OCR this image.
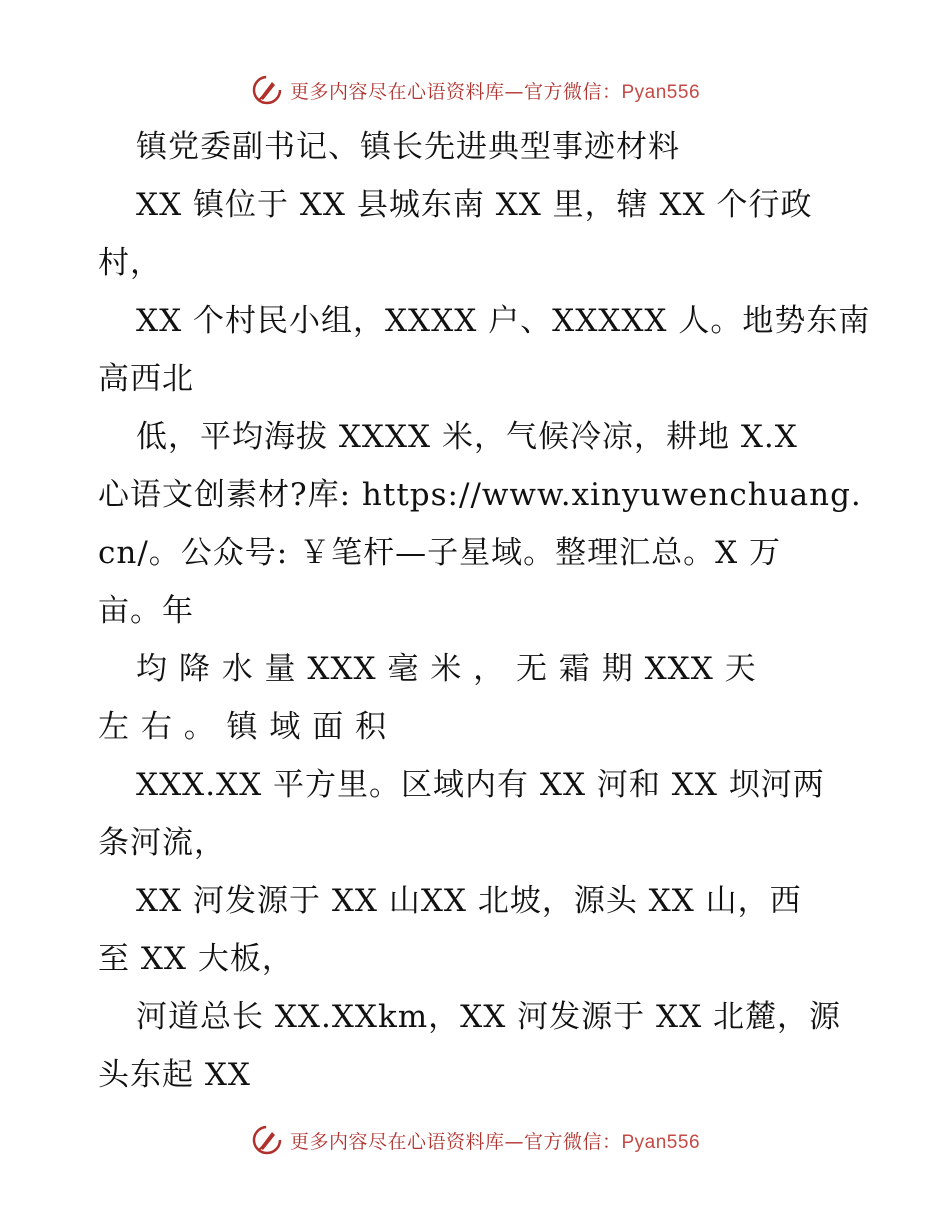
更多内容尽在心语资料库—官方微信：Pyan556
镇党委副书记、镇长先进典型事迹材料
XX 镇位于 XX 县城东南 XX 里，辖 XX 个行政
村，
XX 个村民小组，XXXX 户、XXXXX 人。地势东南
高西北
低，平均海拔 XXXX 米，气候冷凉，耕地 X.X
心语文创素材?库: https://www.xinyuwenchuang.
cn/。公众号: ￥笔杆—子星域。整理汇总。X 万
亩。年
均 降 水 量 XXX 毫 米 ， 无 霜 期 XXX 天
左 右 。 镇 域 面 积
XXX.XX 平方里。区域内有 XX 河和 XX 坝河两
条河流，
XX 河发源于 XX 山XX 北坡，源头 XX 山，西
至 XX 大板，
河道总长 XX.XXkm，XX 河发源于 XX 北麓，源
头东起 XX
更多内容尽在心语资料库—官方微信：Pyan556
